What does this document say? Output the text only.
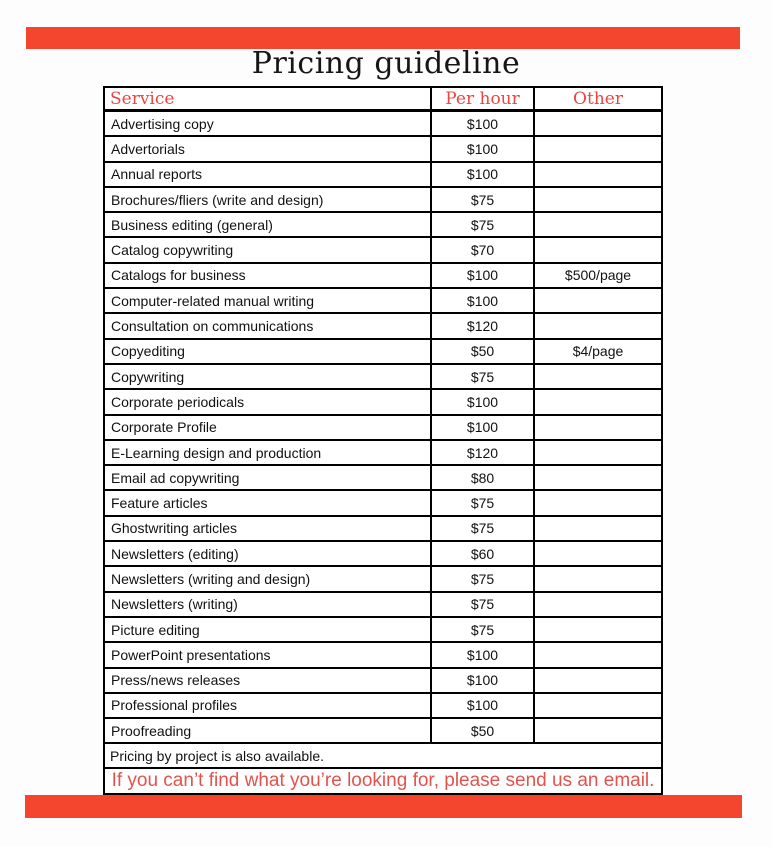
Pricing guideline
Service	Per hour	Other
Advertising copy	$100
Advertorials	$100
Annual reports	$100
Brochures/fliers (write and design)	$75
Business editing (general)	$75
Catalog copywriting	$70
Catalogs for business	$100	$500/page
Computer-related manual writing	$100
Consultation on communications	$120
Copyediting	$50	$4/page
Copywriting	$75
Corporate periodicals	$100
Corporate Profile	$100
E-Learning design and production	$120
Email ad copywriting	$80
Feature articles	$75
Ghostwriting articles	$75
Newsletters (editing)	$60
Newsletters (writing and design)	$75
Newsletters (writing)	$75
Picture editing	$75
PowerPoint presentations	$100
Press/news releases	$100
Professional profiles	$100
Proofreading	$50
Pricing by project is also available.
If you can’t find what you’re looking for, please send us an email.
